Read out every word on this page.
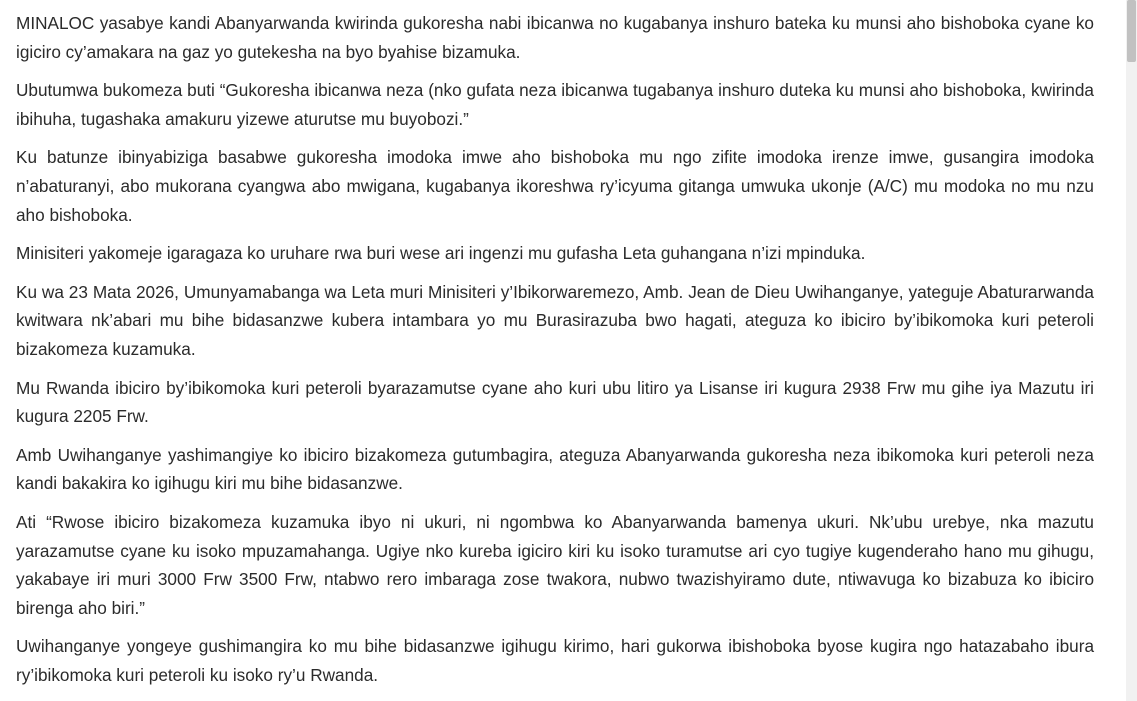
MINALOC yasabye kandi Abanyarwanda kwirinda gukoresha nabi ibicanwa no kugabanya inshuro bateka ku munsi aho bishoboka cyane ko igiciro cy’amakara na gaz yo gutekesha na byo byahise bizamuka.

Ubutumwa bukomeza buti “Gukoresha ibicanwa neza (nko gufata neza ibicanwa tugabanya inshuro duteka ku munsi aho bishoboka, kwirinda ibihuha, tugashaka amakuru yizewe aturutse mu buyobozi.”

Ku batunze ibinyabiziga basabwe gukoresha imodoka imwe aho bishoboka mu ngo zifite imodoka irenze imwe, gusangira imodoka n’abaturanyi, abo mukorana cyangwa abo mwigana, kugabanya ikoreshwa ry’icyuma gitanga umwuka ukonje (A/C) mu modoka no mu nzu aho bishoboka.

Minisiteri yakomeje igaragaza ko uruhare rwa buri wese ari ingenzi mu gufasha Leta guhangana n’izi mpinduka.

Ku wa 23 Mata 2026, Umunyamabanga wa Leta muri Minisiteri y’Ibikorwaremezo, Amb. Jean de Dieu Uwihanganye, yateguje Abaturarwanda kwitwara nk’abari mu bihe bidasanzwe kubera intambara yo mu Burasirazuba bwo hagati, ateguza ko ibiciro by’ibikomoka kuri peteroli bizakomeza kuzamuka.

Mu Rwanda ibiciro by’ibikomoka kuri peteroli byarazamutse cyane aho kuri ubu litiro ya Lisanse iri kugura 2938 Frw mu gihe iya Mazutu iri kugura 2205 Frw.

Amb Uwihanganye yashimangiye ko ibiciro bizakomeza gutumbagira, ateguza Abanyarwanda gukoresha neza ibikomoka kuri peteroli neza kandi bakakira ko igihugu kiri mu bihe bidasanzwe.

Ati “Rwose ibiciro bizakomeza kuzamuka ibyo ni ukuri, ni ngombwa ko Abanyarwanda bamenya ukuri. Nk’ubu urebye, nka mazutu yarazamutse cyane ku isoko mpuzamahanga. Ugiye nko kureba igiciro kiri ku isoko turamutse ari cyo tugiye kugenderaho hano mu gihugu, yakabaye iri muri 3000 Frw 3500 Frw, ntabwo rero imbaraga zose twakora, nubwo twazishyiramo dute, ntiwavuga ko bizabuza ko ibiciro birenga aho biri.”

Uwihanganye yongeye gushimangira ko mu bihe bidasanzwe igihugu kirimo, hari gukorwa ibishoboka byose kugira ngo hatazabaho ibura ry’ibikomoka kuri peteroli ku isoko ry’u Rwanda.
